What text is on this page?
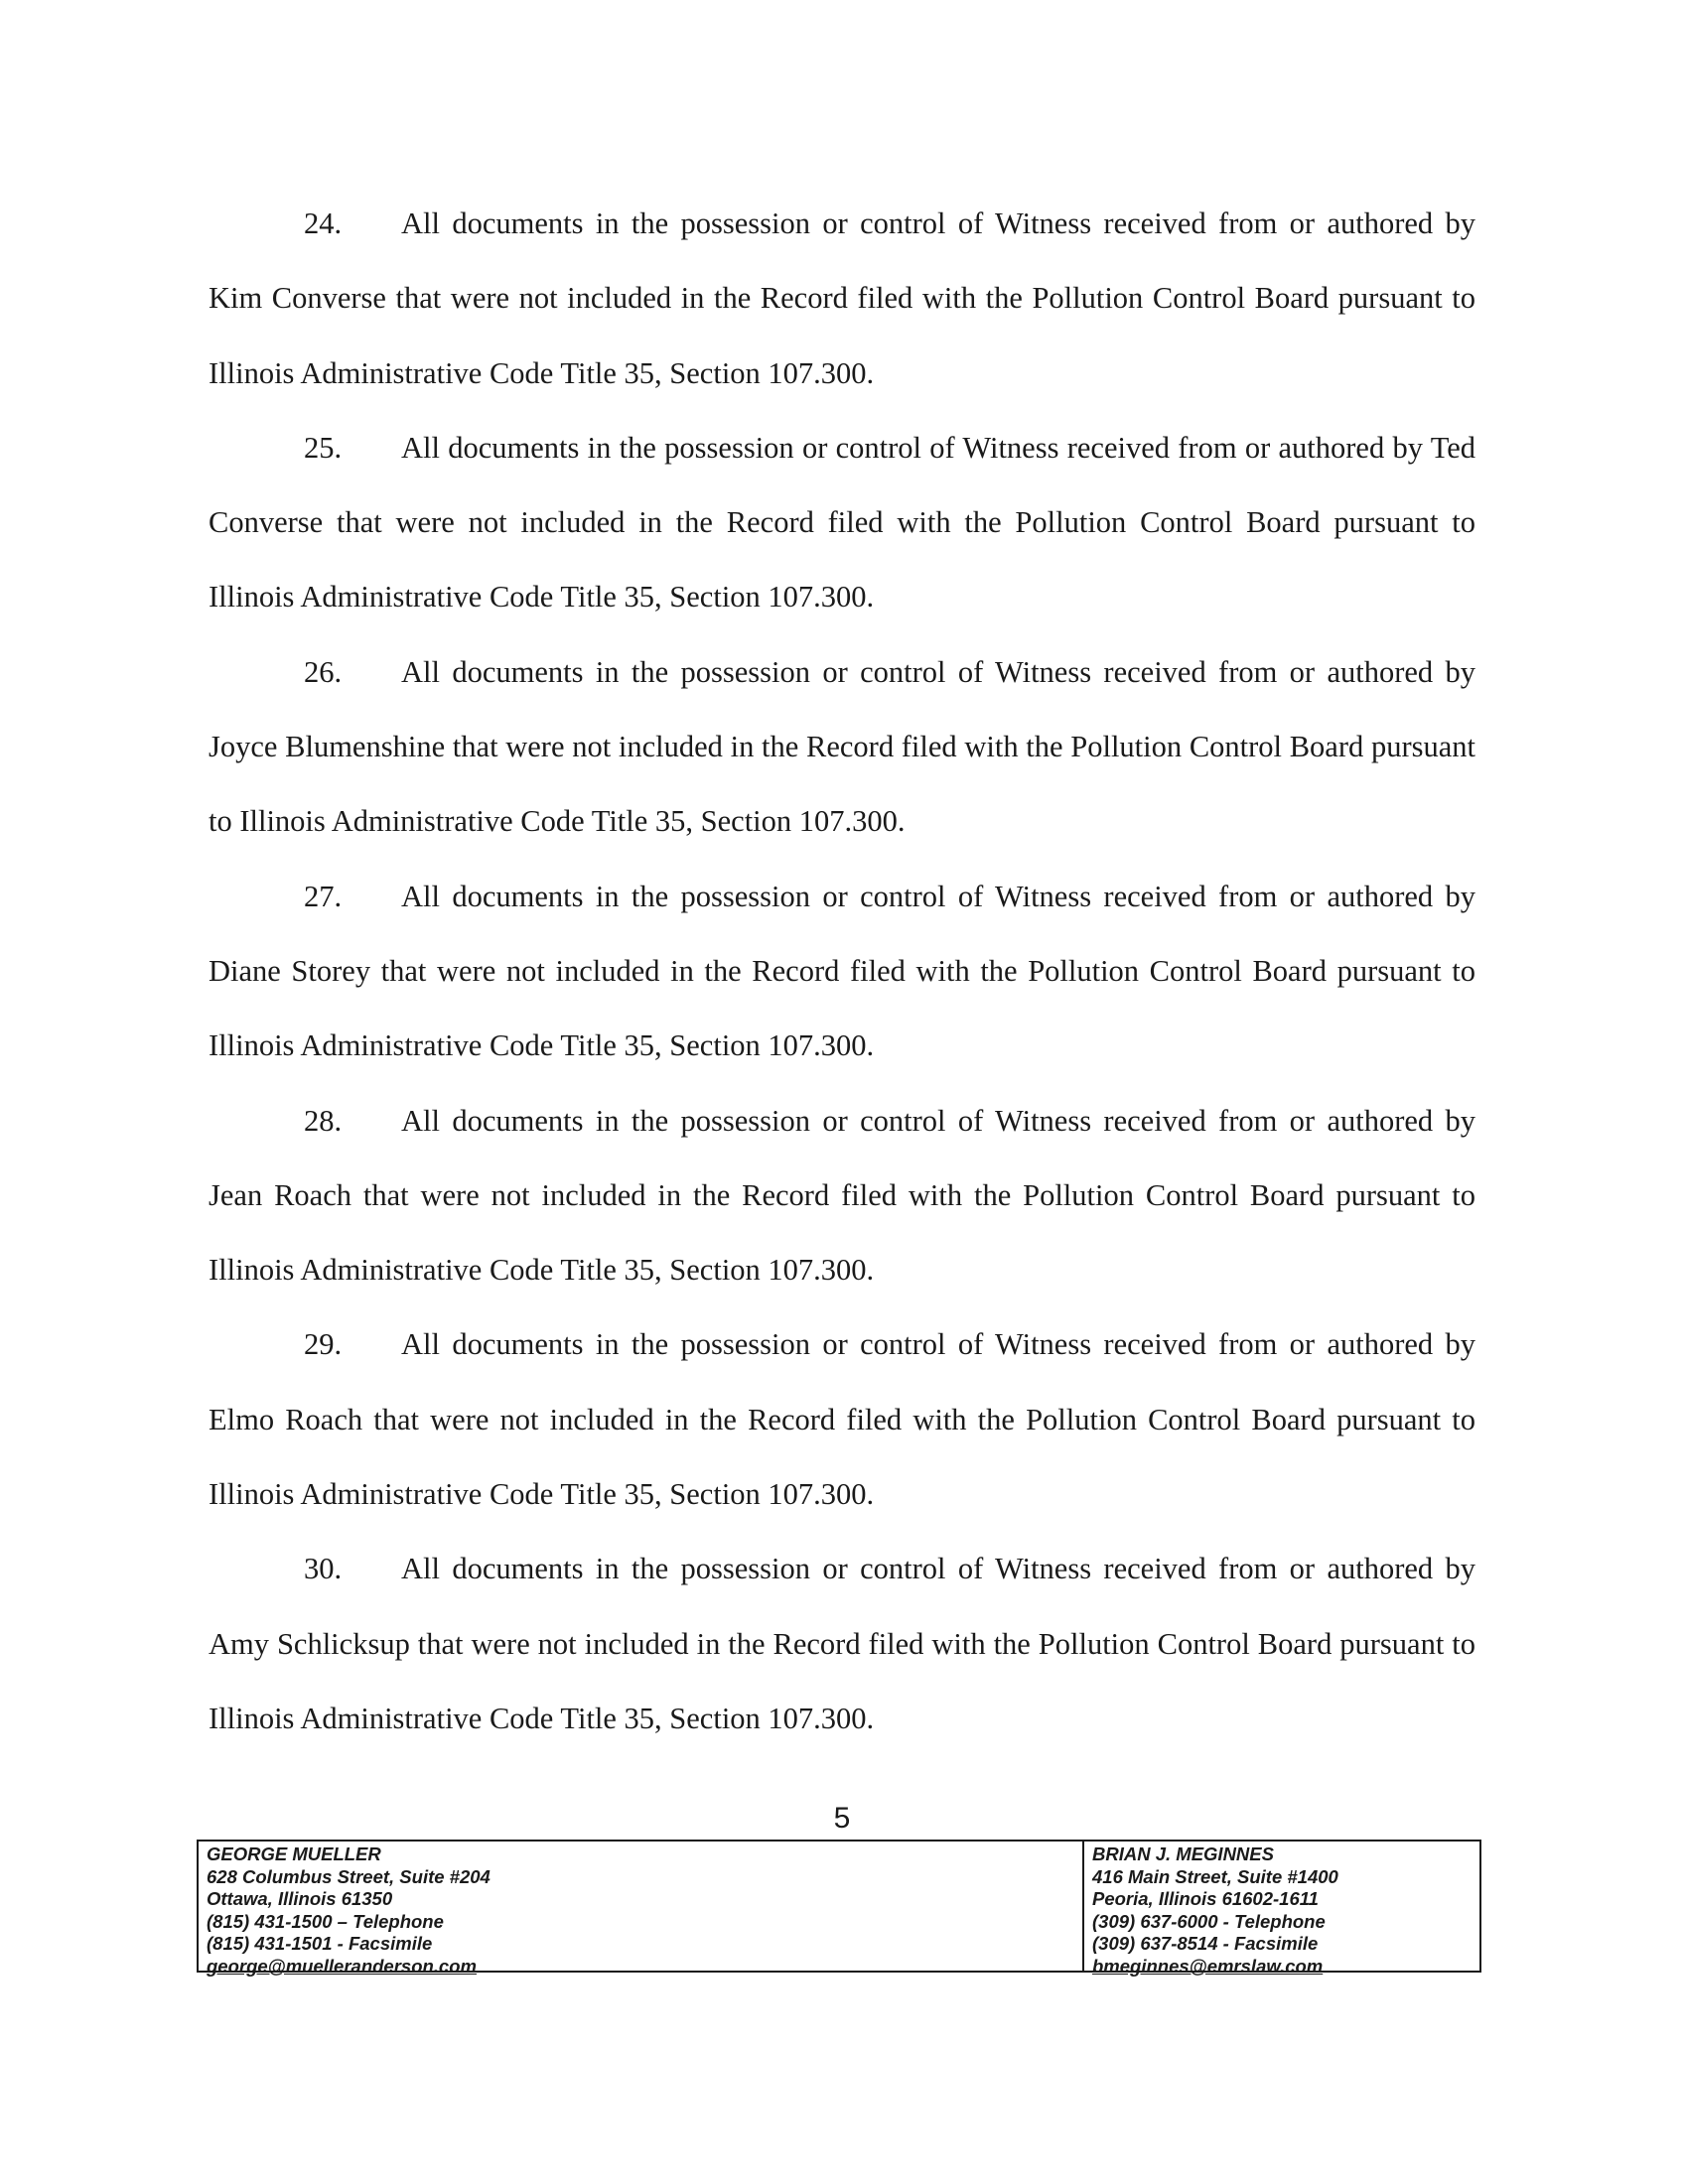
24. All documents in the possession or control of Witness received from or authored by Kim Converse that were not included in the Record filed with the Pollution Control Board pursuant to Illinois Administrative Code Title 35, Section 107.300.

25. All documents in the possession or control of Witness received from or authored by Ted Converse that were not included in the Record filed with the Pollution Control Board pursuant to Illinois Administrative Code Title 35, Section 107.300.

26. All documents in the possession or control of Witness received from or authored by Joyce Blumenshine that were not included in the Record filed with the Pollution Control Board pursuant to Illinois Administrative Code Title 35, Section 107.300.

27. All documents in the possession or control of Witness received from or authored by Diane Storey that were not included in the Record filed with the Pollution Control Board pursuant to Illinois Administrative Code Title 35, Section 107.300.

28. All documents in the possession or control of Witness received from or authored by Jean Roach that were not included in the Record filed with the Pollution Control Board pursuant to Illinois Administrative Code Title 35, Section 107.300.

29. All documents in the possession or control of Witness received from or authored by Elmo Roach that were not included in the Record filed with the Pollution Control Board pursuant to Illinois Administrative Code Title 35, Section 107.300.

30. All documents in the possession or control of Witness received from or authored by Amy Schlicksup that were not included in the Record filed with the Pollution Control Board pursuant to Illinois Administrative Code Title 35, Section 107.300.

5
GEORGE MUELLER
628 Columbus Street, Suite #204
Ottawa, Illinois 61350
(815) 431-1500 – Telephone
(815) 431-1501 - Facsimile
george@muelleranderson.com
BRIAN J. MEGINNES
416 Main Street, Suite #1400
Peoria, Illinois 61602-1611
(309) 637-6000 - Telephone
(309) 637-8514 - Facsimile
bmeginnes@emrslaw.com
